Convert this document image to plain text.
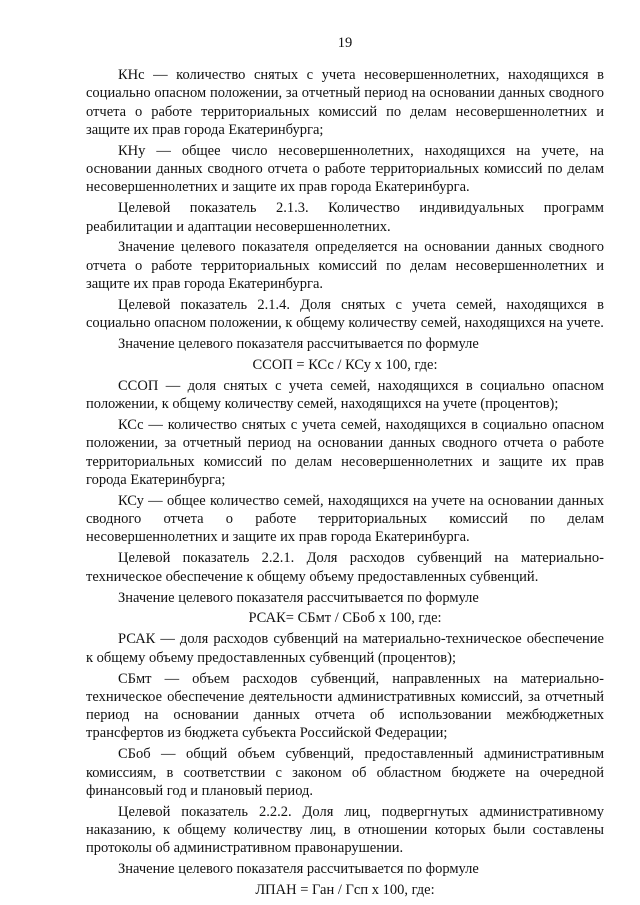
19

КНс — количество снятых с учета несовершеннолетних, находящихся в социально опасном положении, за отчетный период на основании данных сводного отчета о работе территориальных комиссий по делам несовершеннолетних и защите их прав города Екатеринбурга;

КНу — общее число несовершеннолетних, находящихся на учете, на основании данных сводного отчета о работе территориальных комиссий по делам несовершеннолетних и защите их прав города Екатеринбурга.

Целевой показатель 2.1.3. Количество индивидуальных программ реабилитации и адаптации несовершеннолетних.

Значение целевого показателя определяется на основании данных сводного отчета о работе территориальных комиссий по делам несовершеннолетних и защите их прав города Екатеринбурга.

Целевой показатель 2.1.4. Доля снятых с учета семей, находящихся в социально опасном положении, к общему количеству семей, находящихся на учете.

Значение целевого показателя рассчитывается по формуле

ССОП = КСс / КСу х 100, где:

ССОП — доля снятых с учета семей, находящихся в социально опасном положении, к общему количеству семей, находящихся на учете (процентов);

КСс — количество снятых с учета семей, находящихся в социально опасном положении, за отчетный период на основании данных сводного отчета о работе территориальных комиссий по делам несовершеннолетних и защите их прав города Екатеринбурга;

КСу — общее количество семей, находящихся на учете на основании данных сводного отчета о работе территориальных комиссий по делам несовершеннолетних и защите их прав города Екатеринбурга.

Целевой показатель 2.2.1. Доля расходов субвенций на материально-техническое обеспечение к общему объему предоставленных субвенций.

Значение целевого показателя рассчитывается по формуле

РСАК= СБмт / СБоб х 100, где:

РСАК — доля расходов субвенций на материально-техническое обеспечение к общему объему предоставленных субвенций (процентов);

СБмт — объем расходов субвенций, направленных на материально-техническое обеспечение деятельности административных комиссий, за отчетный период на основании данных отчета об использовании межбюджетных трансфертов из бюджета субъекта Российской Федерации;

СБоб — общий объем субвенций, предоставленный административным комиссиям, в соответствии с законом об областном бюджете на очередной финансовый год и плановый период.

Целевой показатель 2.2.2. Доля лиц, подвергнутых административному наказанию, к общему количеству лиц, в отношении которых были составлены протоколы об административном правонарушении.

Значение целевого показателя рассчитывается по формуле

ЛПАН = Ган / Гсп х 100, где:
